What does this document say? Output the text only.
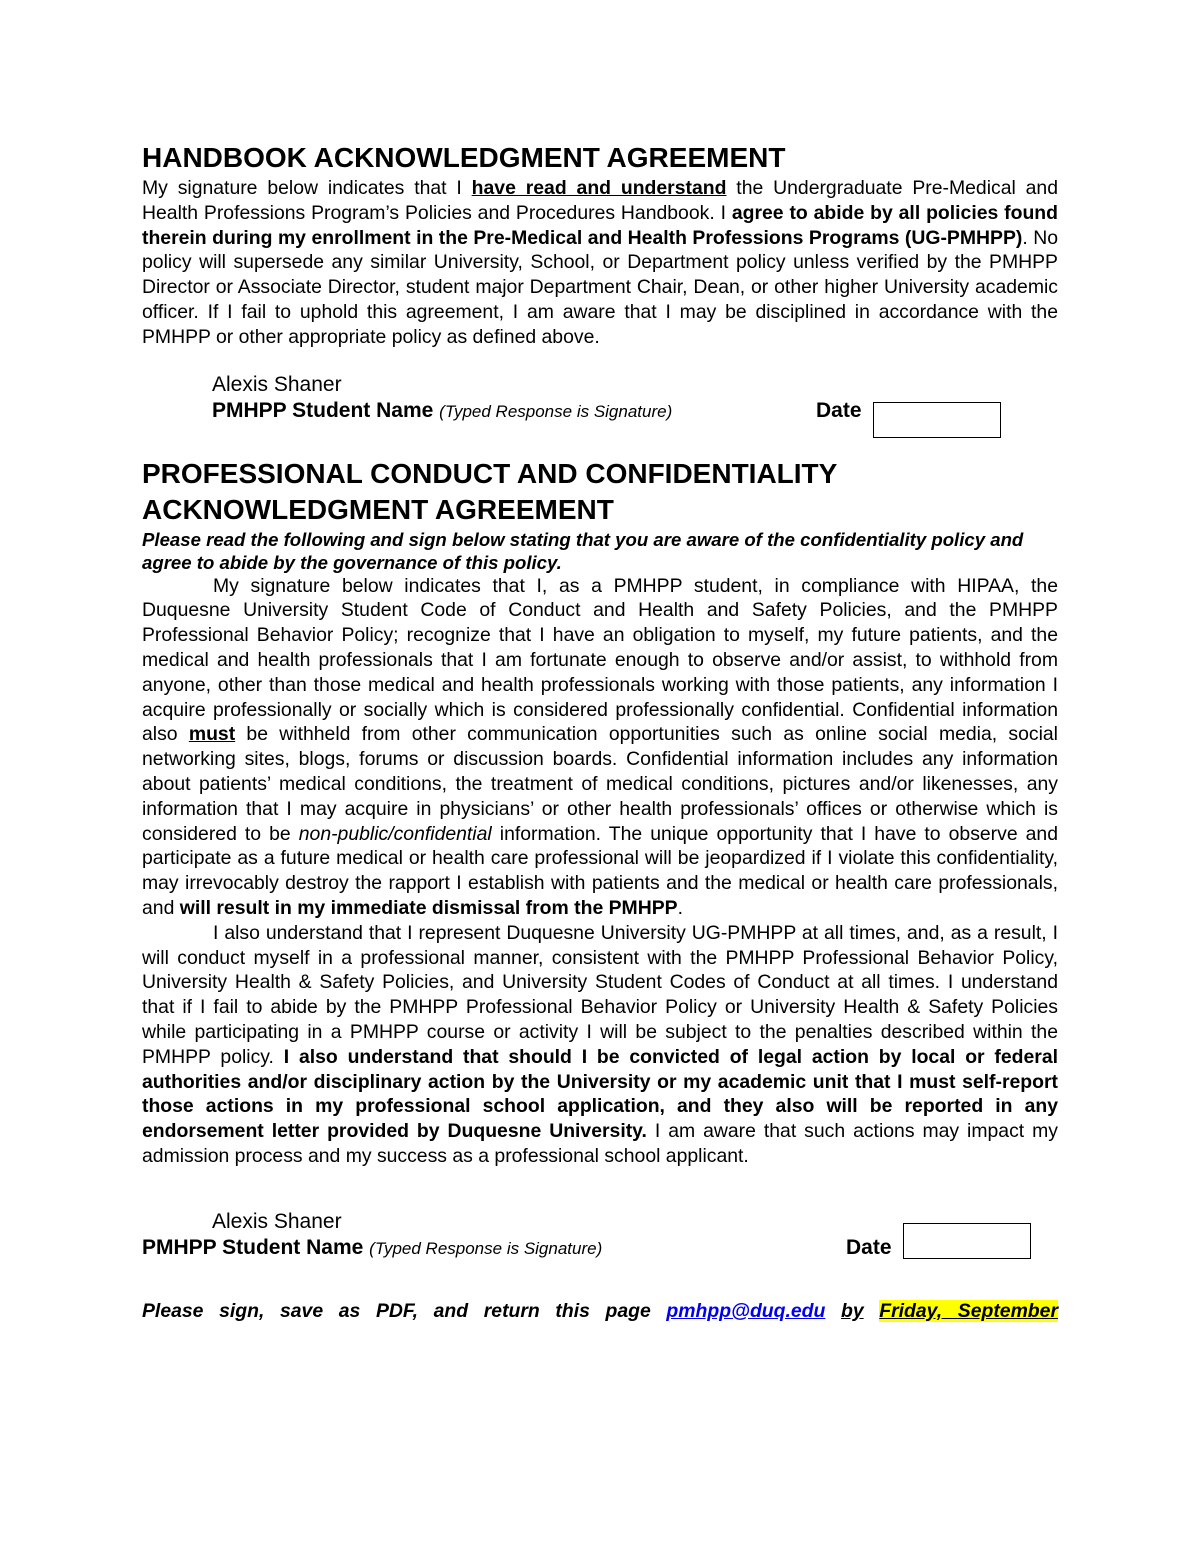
HANDBOOK ACKNOWLEDGMENT AGREEMENT

My signature below indicates that I have read and understand the Undergraduate Pre-Medical and Health Professions Program’s Policies and Procedures Handbook. I agree to abide by all policies found therein during my enrollment in the Pre-Medical and Health Professions Programs (UG-PMHPP). No policy will supersede any similar University, School, or Department policy unless verified by the PMHPP Director or Associate Director, student major Department Chair, Dean, or other higher University academic officer. If I fail to uphold this agreement, I am aware that I may be disciplined in accordance with the PMHPP or other appropriate policy as defined above.

Alexis Shaner
PMHPP Student Name (Typed Response is Signature)	Date
PROFESSIONAL CONDUCT AND CONFIDENTIALITY
ACKNOWLEDGMENT AGREEMENT

Please read the following and sign below stating that you are aware of the confidentiality policy and agree to abide by the governance of this policy.

My signature below indicates that I, as a PMHPP student, in compliance with HIPAA, the Duquesne University Student Code of Conduct and Health and Safety Policies, and the PMHPP Professional Behavior Policy; recognize that I have an obligation to myself, my future patients, and the medical and health professionals that I am fortunate enough to observe and/or assist, to withhold from anyone, other than those medical and health professionals working with those patients, any information I acquire professionally or socially which is considered professionally confidential. Confidential information also must be withheld from other communication opportunities such as online social media, social networking sites, blogs, forums or discussion boards. Confidential information includes any information about patients’ medical conditions, the treatment of medical conditions, pictures and/or likenesses, any information that I may acquire in physicians’ or other health professionals’ offices or otherwise which is considered to be non-public/confidential information. The unique opportunity that I have to observe and participate as a future medical or health care professional will be jeopardized if I violate this confidentiality, may irrevocably destroy the rapport I establish with patients and the medical or health care professionals, and will result in my immediate dismissal from the PMHPP.

I also understand that I represent Duquesne University UG-PMHPP at all times, and, as a result, I will conduct myself in a professional manner, consistent with the PMHPP Professional Behavior Policy, University Health & Safety Policies, and University Student Codes of Conduct at all times. I understand that if I fail to abide by the PMHPP Professional Behavior Policy or University Health & Safety Policies while participating in a PMHPP course or activity I will be subject to the penalties described within the PMHPP policy. I also understand that should I be convicted of legal action by local or federal authorities and/or disciplinary action by the University or my academic unit that I must self-report those actions in my professional school application, and they also will be reported in any endorsement letter provided by Duquesne University. I am aware that such actions may impact my admission process and my success as a professional school applicant.

Alexis Shaner
PMHPP Student Name (Typed Response is Signature)	Date
Please sign, save as PDF, and return this page pmhpp@duq.edu by Friday, September
